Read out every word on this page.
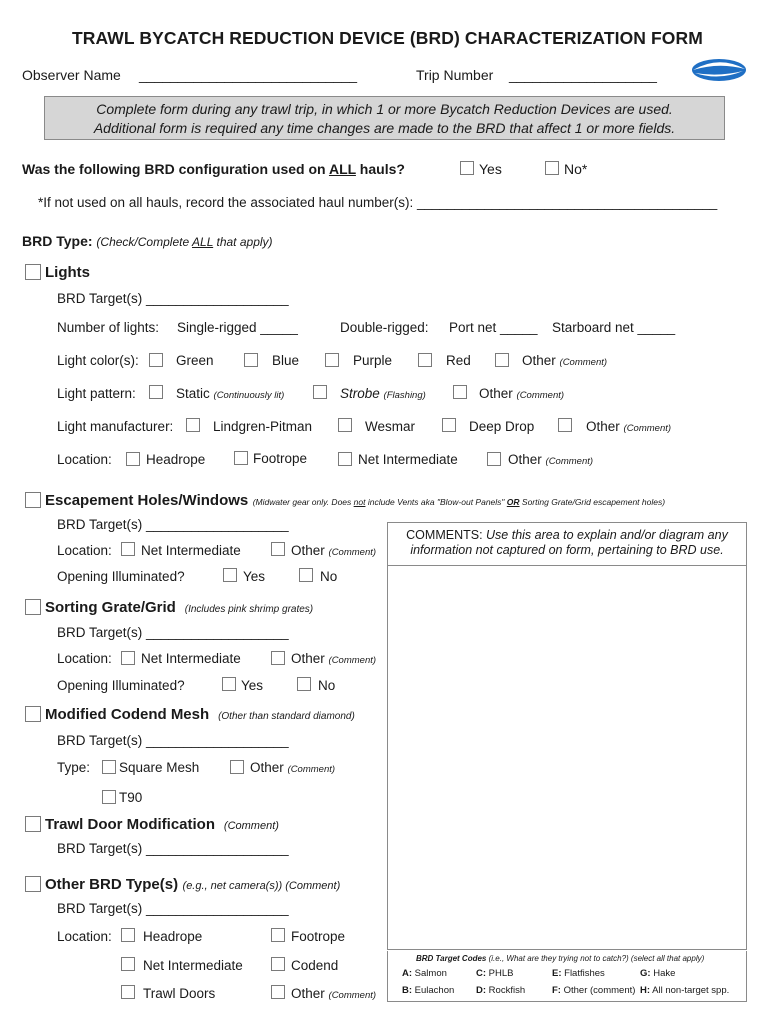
TRAWL BYCATCH REDUCTION DEVICE (BRD) CHARACTERIZATION FORM
Observer Name ____________________________	Trip Number ___________________
Complete form during any trawl trip, in which 1 or more Bycatch Reduction Devices are used.
Additional form is required any time changes are made to the BRD that affect 1 or more fields.
Was the following BRD configuration used on ALL hauls?	Yes	No*
*If not used on all hauls, record the associated haul number(s): ________________________________________
BRD Type: (Check/Complete ALL that apply)
Lights
BRD Target(s) ___________________
Number of lights: Single-rigged _____	Double-rigged: Port net _____ Starboard net _____
Light color(s):	Green	Blue	Purple	Red	Other (Comment)
Light pattern:	Static (Continuously lit)	Strobe (Flashing)	Other (Comment)
Light manufacturer:	Lindgren-Pitman	Wesmar	Deep Drop	Other (Comment)
Location:	Headrope	Footrope	Net Intermediate	Other (Comment)
Escapement Holes/Windows (Midwater gear only. Does not include Vents aka "Blow-out Panels" OR Sorting Grate/Grid escapement holes)
BRD Target(s) ___________________
Location: Net Intermediate	Other (Comment)
Opening Illuminated?	Yes	No
Sorting Grate/Grid (Includes pink shrimp grates)
BRD Target(s) ___________________
Location: Net Intermediate	Other (Comment)
Opening Illuminated?	Yes	No
Modified Codend Mesh (Other than standard diamond)
BRD Target(s) ___________________
Type: Square Mesh	Other (Comment)
T90
Trawl Door Modification (Comment)
BRD Target(s) ___________________
Other BRD Type(s) (e.g., net camera(s)) (Comment)
BRD Target(s) ___________________
Location: Headrope	Footrope
Net Intermediate	Codend
Trawl Doors	Other (Comment)
COMMENTS: Use this area to explain and/or diagram any
information not captured on form, pertaining to BRD use.
BRD Target Codes (i.e., What are they trying not to catch?) (select all that apply)
A: Salmon	C: PHLB	E: Flatfishes	G: Hake
B: Eulachon D: Rockfish	F: Other (comment) H: All non-target spp.
